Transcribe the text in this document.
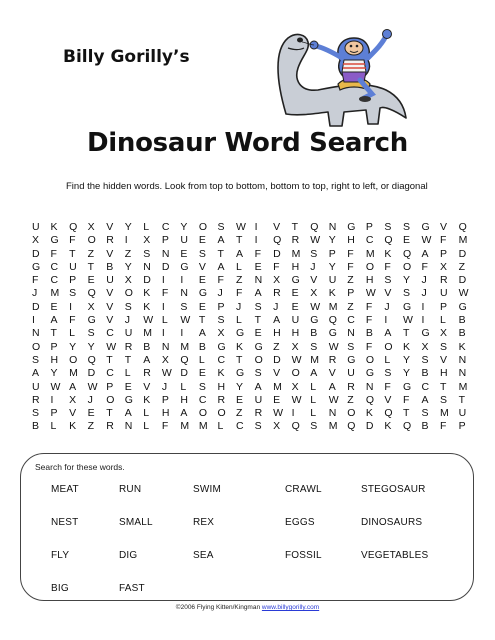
Billy Gorilly’s
Dinosaur Word Search
Find the hidden words. Look from top to bottom, bottom to top, right to left, or diagonal
U	K	Q X	V	Y	L	C	Y	O S	W I	V	T	Q N	G P	S	S	G V	Q
X	G F	O R	I	X	P	U	E	A	T	I	Q R	W Y	H	C	Q E	W F	M
D	F	T	Z	V	Z	S	N	E	S	T	A	F	D	M S	P	F	M K	Q A	P	D
G C	U	T	B	Y	N	D	G V	A	L	E	F	H	J	Y	F	O F	O F	X	Z
F	C	P	E	U	X	D	I	I	E	F	Z	N	X	G V	U	Z	H	S	Y	J	R	D
J	M S	Q V	O K	F	N	G J	F	A	R	E	X	K	P	W V	S	J	U	W
D	E	I	X	V	S	K	I	S	E	P	J	S	J	E	W M Z	F	J	G I	P	G
I	A	F	G V	J	W L	W T	S	L	T	A	U	G Q C	F	I	W I	L	B
N	T	L	S	C	U	M I	I	A	X	G E	H	H	B	G N	B	A	T	G X	B
O P	Y	Y	W R	B	N	M B	G K	G Z	X	S	W S	F	O K	X	S	K
S	H	O Q T	T	A	X	Q L	C	T	O D	W M R	G O L	Y	S	V	N
A	Y	M D	C	L	R	W D	E	K	G S	V	O A	V	U	G S	Y	B	H	N
U	W A	W P	E	V	J	L	S	H	Y	A	M X	L	A	R	N	F	G C	T	M
R	I	X	J	O G K	P	H	C	R	E	U	E	W L	W Z	Q V	F	A	S	T
S	P	V	E	T	A	L	H	A	O O Z	R	W I	L	N	O K	Q T	S	M U
B	L	K	Z	R	N	L	F	M M L	C	S	X	Q S	M Q D	K	Q B	F	P
Search for these words.
MEAT	RUN	SWIM	CRAWL	STEGOSAUR
NEST	SMALL	REX	EGGS	DINOSAURS
FLY	DIG	SEA	FOSSIL	VEGETABLES
BIG	FAST
©2006 Flying Kitten/Kingman www.billygorilly.com
